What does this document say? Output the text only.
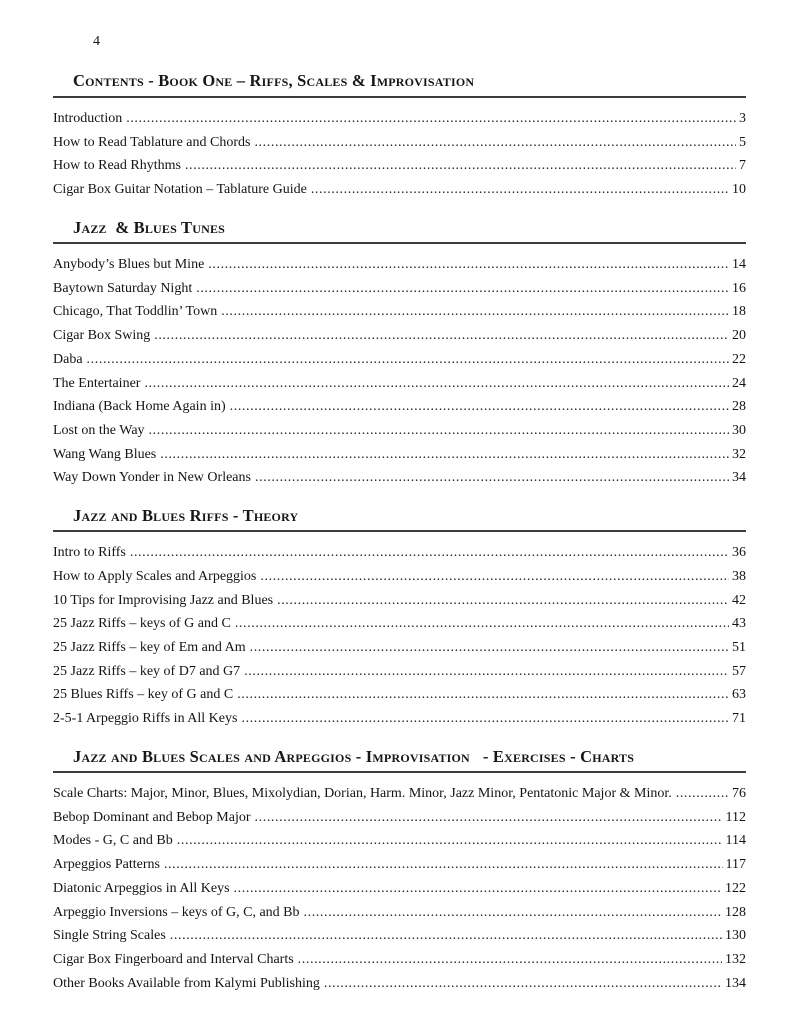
4
Contents - Book One – Riffs, Scales & Improvisation
Introduction .....	3
How to Read Tablature and Chords .....	5
How to Read Rhythms .....	7
Cigar Box Guitar Notation – Tablature Guide .....	10
Jazz  & Blues Tunes
Anybody’s Blues but Mine .....	14
Baytown Saturday Night .....	16
Chicago, That Toddlin’ Town .....	18
Cigar Box Swing .....	20
Daba .....	22
The Entertainer .....	24
Indiana (Back Home Again in) .....	28
Lost on the Way .....	30
Wang Wang Blues .....	32
Way Down Yonder in New Orleans .....	34
Jazz and Blues Riffs - Theory
Intro to Riffs .....	36
How to Apply Scales and Arpeggios .....	38
10 Tips for Improvising Jazz and Blues .....	42
25 Jazz Riffs – keys of G and C .....	43
25 Jazz Riffs – key of Em and Am .....	51
25 Jazz Riffs – key of D7 and G7 .....	57
25 Blues Riffs – key of G and C .....	63
2-5-1 Arpeggio Riffs in All Keys .....	71
Jazz and Blues Scales and Arpeggios - Improvisation   - Exercises - Charts
Scale Charts: Major, Minor, Blues, Mixolydian, Dorian, Harm. Minor, Jazz Minor, Pentatonic Major & Minor. .....	76
Bebop Dominant and Bebop Major .....	112
Modes - G, C and Bb .....	114
Arpeggios Patterns .....	117
Diatonic Arpeggios in All Keys .....	122
Arpeggio Inversions – keys of G, C, and Bb .....	128
Single String Scales .....	130
Cigar Box Fingerboard and Interval Charts .....	132
Other Books Available from Kalymi Publishing .....	134
